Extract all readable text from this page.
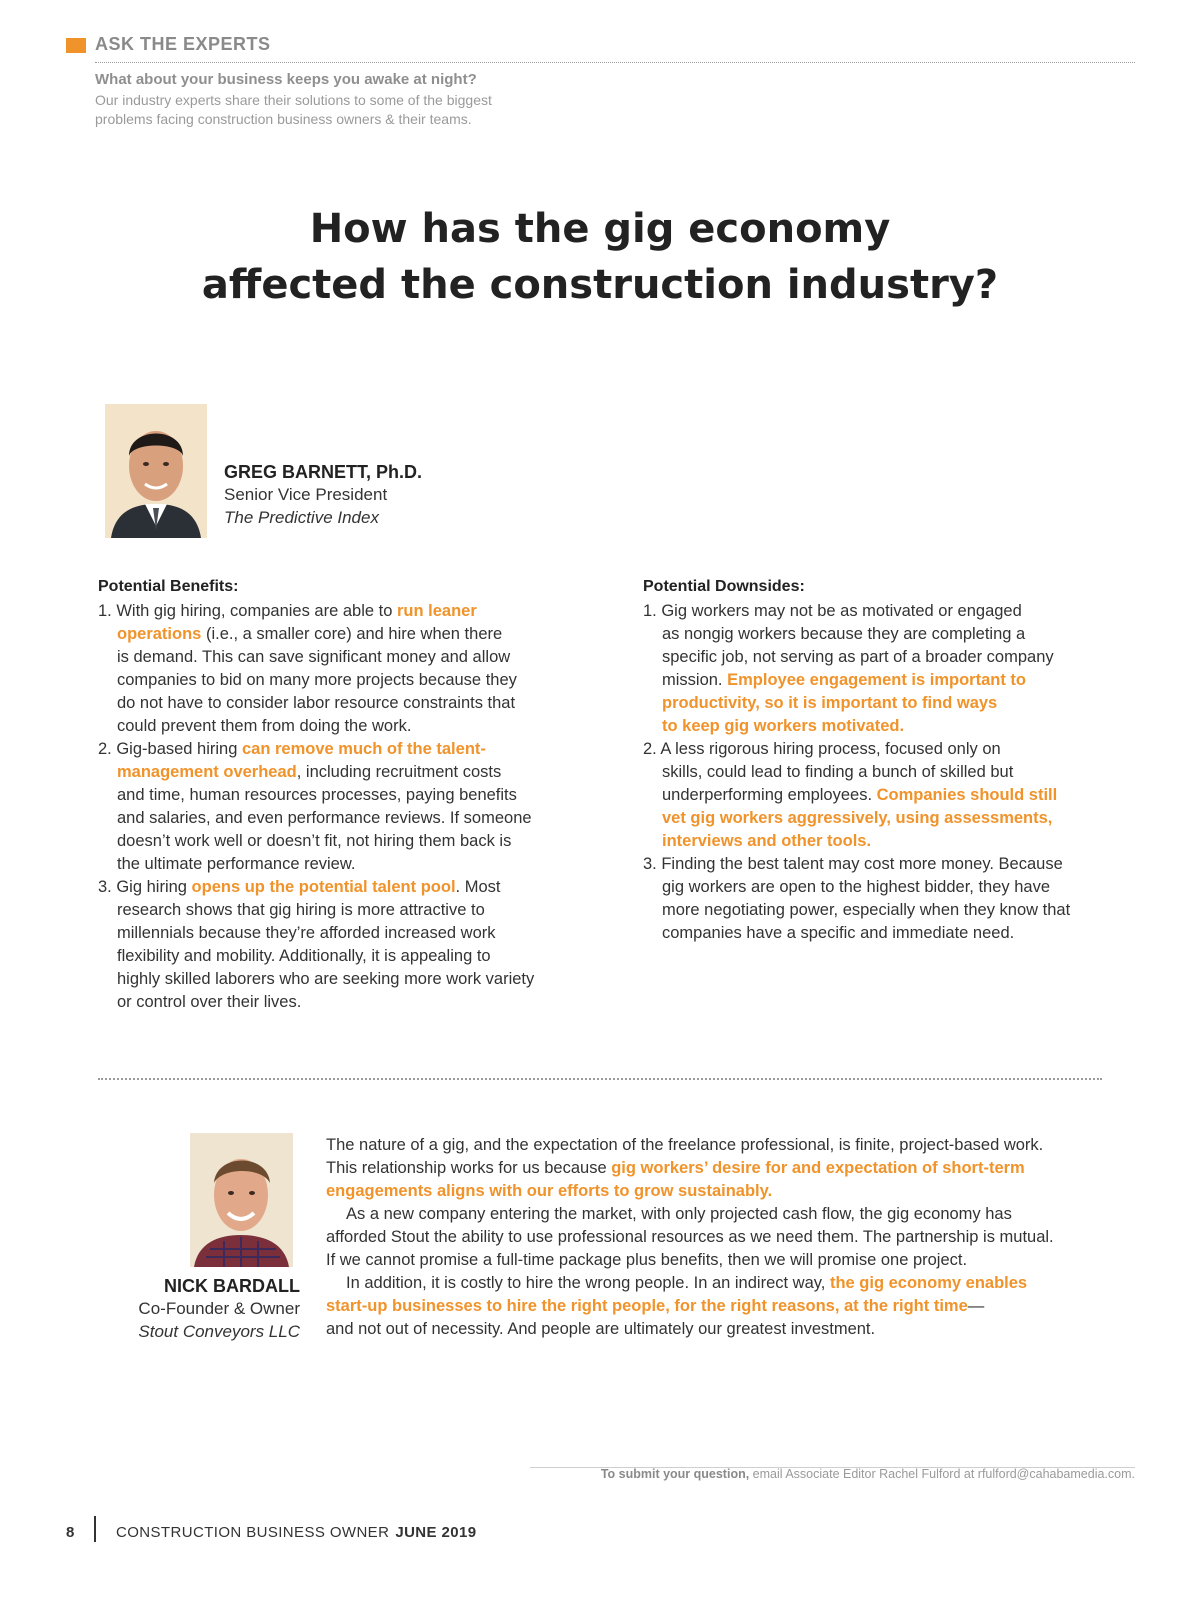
ASK THE EXPERTS
What about your business keeps you awake at night?
Our industry experts share their solutions to some of the biggest
problems facing construction business owners & their teams.
How has the gig economy
affected the construction industry?
GREG BARNETT, Ph.D.
Senior Vice President
The Predictive Index
Potential Benefits:
1. With gig hiring, companies are able to run leaner
operations (i.e., a smaller core) and hire when there
is demand. This can save significant money and allow
companies to bid on many more projects because they
do not have to consider labor resource constraints that
could prevent them from doing the work.
2. Gig-based hiring can remove much of the talent-
management overhead, including recruitment costs
and time, human resources processes, paying benefits
and salaries, and even performance reviews. If someone
doesn’t work well or doesn’t fit, not hiring them back is
the ultimate performance review.
3. Gig hiring opens up the potential talent pool. Most
research shows that gig hiring is more attractive to
millennials because they’re afforded increased work
flexibility and mobility. Additionally, it is appealing to
highly skilled laborers who are seeking more work variety
or control over their lives.
Potential Downsides:
1. Gig workers may not be as motivated or engaged
as nongig workers because they are completing a
specific job, not serving as part of a broader company
mission. Employee engagement is important to
productivity, so it is important to find ways
to keep gig workers motivated.
2. A less rigorous hiring process, focused only on
skills, could lead to finding a bunch of skilled but
underperforming employees. Companies should still
vet gig workers aggressively, using assessments,
interviews and other tools.
3. Finding the best talent may cost more money. Because
gig workers are open to the highest bidder, they have
more negotiating power, especially when they know that
companies have a specific and immediate need.
NICK BARDALL
Co-Founder & Owner
Stout Conveyors LLC
The nature of a gig, and the expectation of the freelance professional, is finite, project-based work.
This relationship works for us because gig workers’ desire for and expectation of short-term
engagements aligns with our efforts to grow sustainably.
As a new company entering the market, with only projected cash flow, the gig economy has
afforded Stout the ability to use professional resources as we need them. The partnership is mutual.
If we cannot promise a full-time package plus benefits, then we will promise one project.
In addition, it is costly to hire the wrong people. In an indirect way, the gig economy enables
start-up businesses to hire the right people, for the right reasons, at the right time—
and not out of necessity. And people are ultimately our greatest investment.
To submit your question, email Associate Editor Rachel Fulford at rfulford@cahabamedia.com.
8	CONSTRUCTION BUSINESS OWNER JUNE 2019
